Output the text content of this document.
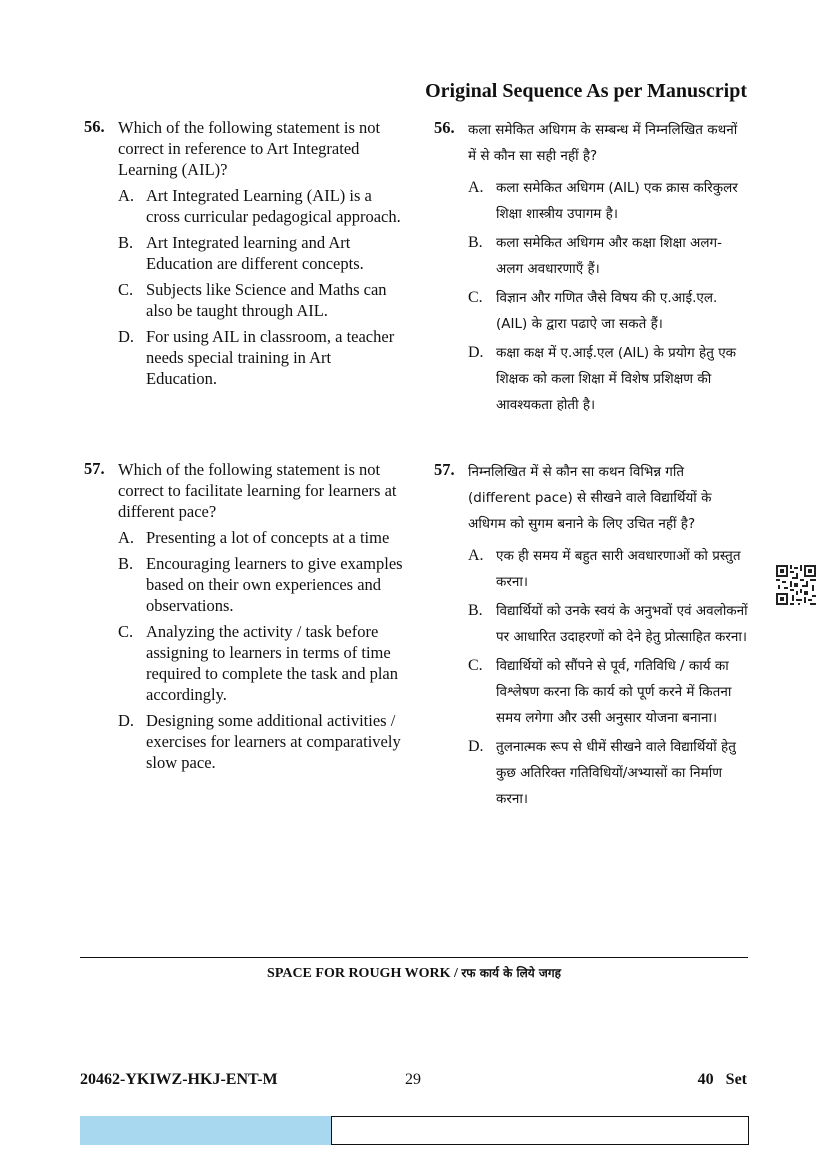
Original Sequence As per Manuscript
56. Which of the following statement is not correct in reference to Art Integrated Learning (AIL)?
A. Art Integrated Learning (AIL) is a cross curricular pedagogical approach.
B. Art Integrated learning and Art Education are different concepts.
C. Subjects like Science and Maths can also be taught through AIL.
D. For using AIL in classroom, a teacher needs special training in Art Education.
56. कला समेकित अधिगम के सम्बन्ध में निम्नलिखित कथनों में से कौन सा सही नहीं है?
A. कला समेकित अधिगम (AIL) एक क्रास करिकुलर शिक्षा शास्त्रीय उपागम है।
B. कला समेकित अधिगम और कक्षा शिक्षा अलग-अलग अवधारणाएँ हैं।
C. विज्ञान और गणित जैसे विषय की ए.आई.एल. (AIL) के द्वारा पढाऐ जा सकते हैं।
D. कक्षा कक्ष में ए.आई.एल (AIL) के प्रयोग हेतु एक शिक्षक को कला शिक्षा में विशेष प्रशिक्षण की आवश्यकता होती है।
57. Which of the following statement is not correct to facilitate learning for learners at different pace?
A. Presenting a lot of concepts at a time
B. Encouraging learners to give examples based on their own experiences and observations.
C. Analyzing the activity / task before assigning to learners in terms of time required to complete the task and plan accordingly.
D. Designing some additional activities / exercises for learners at comparatively slow pace.
57. निम्नलिखित में से कौन सा कथन विभिन्न गति (different pace) से सीखने वाले विद्यार्थियों के अधिगम को सुगम बनाने के लिए उचित नहीं है?
A. एक ही समय में बहुत सारी अवधारणाओं को प्रस्तुत करना।
B. विद्यार्थियों को उनके स्वयं के अनुभवों एवं अवलोकनों पर आधारित उदाहरणों को देने हेतु प्रोत्साहित करना।
C. विद्यार्थियों को सौंपने से पूर्व, गतिविधि / कार्य का विश्लेषण करना कि कार्य को पूर्ण करने में कितना समय लगेगा और उसी अनुसार योजना बनाना।
D. तुलनात्मक रूप से धीमें सीखने वाले विद्यार्थियों हेतु कुछ अतिरिक्त गतिविधियों/अभ्यासों का निर्माण करना।
SPACE FOR ROUGH WORK / रफ कार्य के लिये जगह
20462-YKIWZ-HKJ-ENT-M	29	40   Set
